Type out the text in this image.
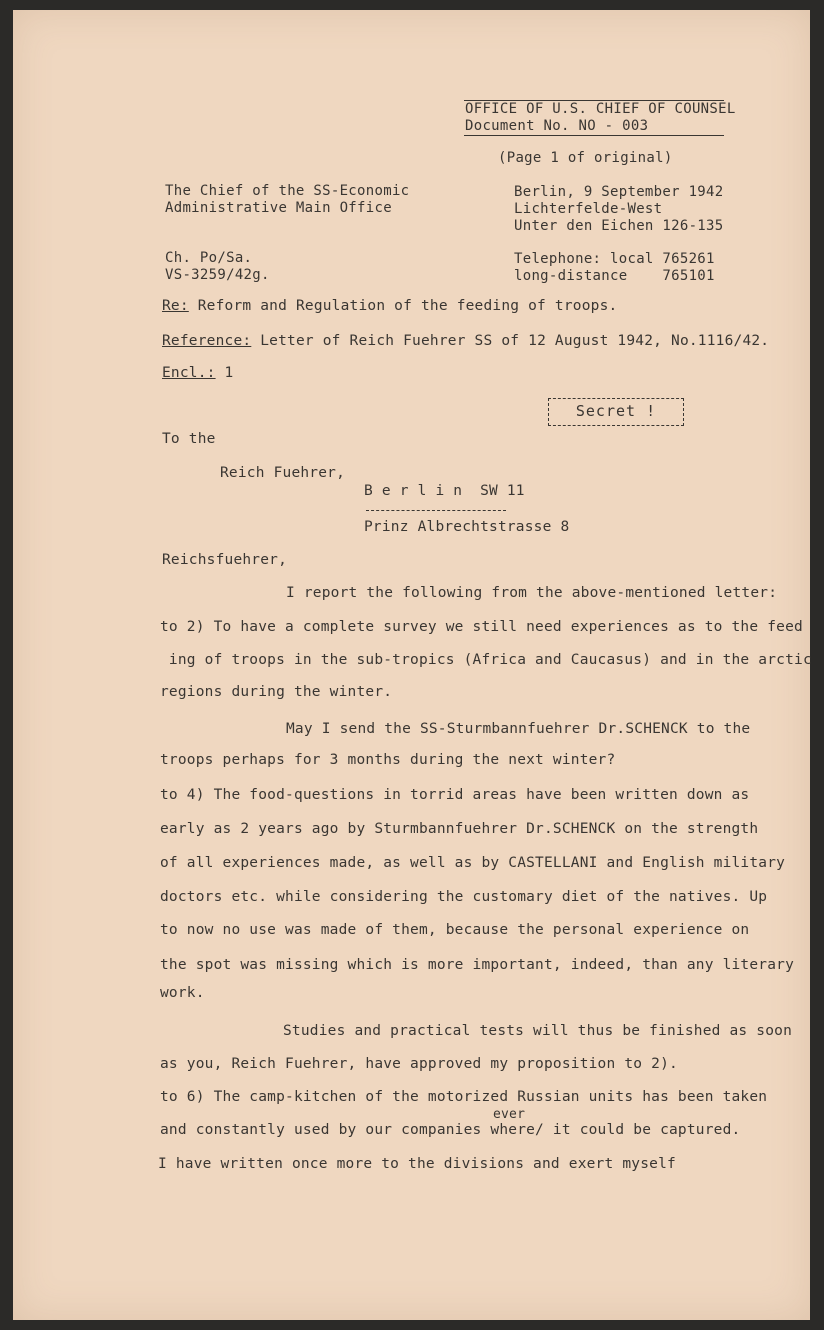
OFFICE OF U.S. CHIEF OF COUNSEL
Document No. NO - 003
(Page 1 of original)
The Chief of the SS-Economic
Administrative Main Office
Ch. Po/Sa.
VS-3259/42g.
Berlin, 9 September 1942
Lichterfelde-West
Unter den Eichen 126-135
Telephone: local 765261
long-distance    765101
Re: Reform and Regulation of the feeding of troops.
Reference: Letter of Reich Fuehrer SS of 12 August 1942, No.1116/42.
Encl.: 1
Secret !
To the
Reich Fuehrer,
B e r l i n  SW 11
Prinz Albrechtstrasse 8
Reichsfuehrer,
I report the following from the above-mentioned letter:
to 2) To have a complete survey we still need experiences as to the feed
ing of troops in the sub-tropics (Africa and Caucasus) and in the arctic
regions during the winter.
May I send the SS-Sturmbannfuehrer Dr.SCHENCK to the
troops perhaps for 3 months during the next winter?
to 4) The food-questions in torrid areas have been written down as
early as 2 years ago by Sturmbannfuehrer Dr.SCHENCK on the strength
of all experiences made, as well as by CASTELLANI and English military
doctors etc. while considering the customary diet of the natives. Up
to now no use was made of them, because the personal experience on
the spot was missing which is more important, indeed, than any literary
work.
Studies and practical tests will thus be finished as soon
as you, Reich Fuehrer, have approved my proposition to 2).
to 6) The camp-kitchen of the motorized Russian units has been taken
ever
and constantly used by our companies where/ it could be captured.
I have written once more to the divisions and exert myself
